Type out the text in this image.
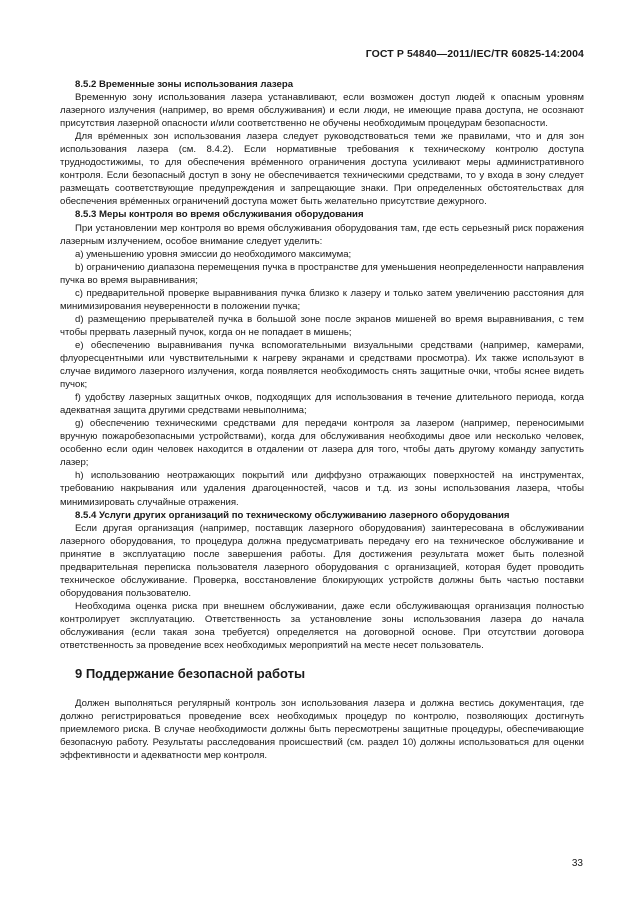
ГОСТ Р 54840—2011/IEC/TR 60825-14:2004
8.5.2 Временные зоны использования лазера

Временную зону использования лазера устанавливают, если возможен доступ людей к опасным уровням лазерного излучения (например, во время обслуживания) и если люди, не имеющие права доступа, не осознают присутствия лазерной опасности и/или соответственно не обучены необходимым процедурам безопасности.

Для врéменных зон использования лазера следует руководствоваться теми же правилами, что и для зон использования лазера (см. 8.4.2). Если нормативные требования к техническому контролю доступа труднодостижимы, то для обеспечения врéменного ограничения доступа усиливают меры административного контроля. Если безопасный доступ в зону не обеспечивается техническими средствами, то у входа в зону следует размещать соответствующие предупреждения и запрещающие знаки. При определенных обстоятельствах для обеспечения врéменных ограничений доступа может быть желательно присутствие дежурного.

8.5.3 Меры контроля во время обслуживания оборудования

При установлении мер контроля во время обслуживания оборудования там, где есть серьезный риск поражения лазерным излучением, особое внимание следует уделить:

a) уменьшению уровня эмиссии до необходимого максимума;

b) ограничению диапазона перемещения пучка в пространстве для уменьшения неопределенности направления пучка во время выравнивания;

c) предварительной проверке выравнивания пучка близко к лазеру и только затем увеличению расстояния для минимизирования неуверенности в положении пучка;

d) размещению прерывателей пучка в большой зоне после экранов мишеней во время выравнивания, с тем чтобы прервать лазерный пучок, когда он не попадает в мишень;

e) обеспечению выравнивания пучка вспомогательными визуальными средствами (например, камерами, флуоресцентными или чувствительными к нагреву экранами и средствами просмотра). Их также используют в случае видимого лазерного излучения, когда появляется необходимость снять защитные очки, чтобы яснее видеть пучок;

f) удобству лазерных защитных очков, подходящих для использования в течение длительного периода, когда адекватная защита другими средствами невыполнима;

g) обеспечению техническими средствами для передачи контроля за лазером (например, переносимыми вручную пожаробезопасными устройствами), когда для обслуживания необходимы двое или несколько человек, особенно если один человек находится в отдалении от лазера для того, чтобы дать другому команду запустить лазер;

h) использованию неотражающих покрытий или диффузно отражающих поверхностей на инструментах, требованию накрывания или удаления драгоценностей, часов и т.д. из зоны использования лазера, чтобы минимизировать случайные отражения.

8.5.4 Услуги других организаций по техническому обслуживанию лазерного оборудования

Если другая организация (например, поставщик лазерного оборудования) заинтересована в обслуживании лазерного оборудования, то процедура должна предусматривать передачу его на техническое обслуживание и принятие в эксплуатацию после завершения работы. Для достижения результата может быть полезной предварительная переписка пользователя лазерного оборудования с организацией, которая будет проводить техническое обслуживание. Проверка, восстановление блокирующих устройств должны быть частью поставки оборудования пользователю.

Необходима оценка риска при внешнем обслуживании, даже если обслуживающая организация полностью контролирует эксплуатацию. Ответственность за установление зоны использования лазера до начала обслуживания (если такая зона требуется) определяется на договорной основе. При отсутствии договора ответственность за проведение всех необходимых мероприятий на месте несет пользователь.

9 Поддержание безопасной работы

Должен выполняться регулярный контроль зон использования лазера и должна вестись документация, где должно регистрироваться проведение всех необходимых процедур по контролю, позволяющих достигнуть приемлемого риска. В случае необходимости должны быть пересмотрены защитные процедуры, обеспечивающие безопасную работу. Результаты расследования происшествий (см. раздел 10) должны использоваться для оценки эффективности и адекватности мер контроля.

33
